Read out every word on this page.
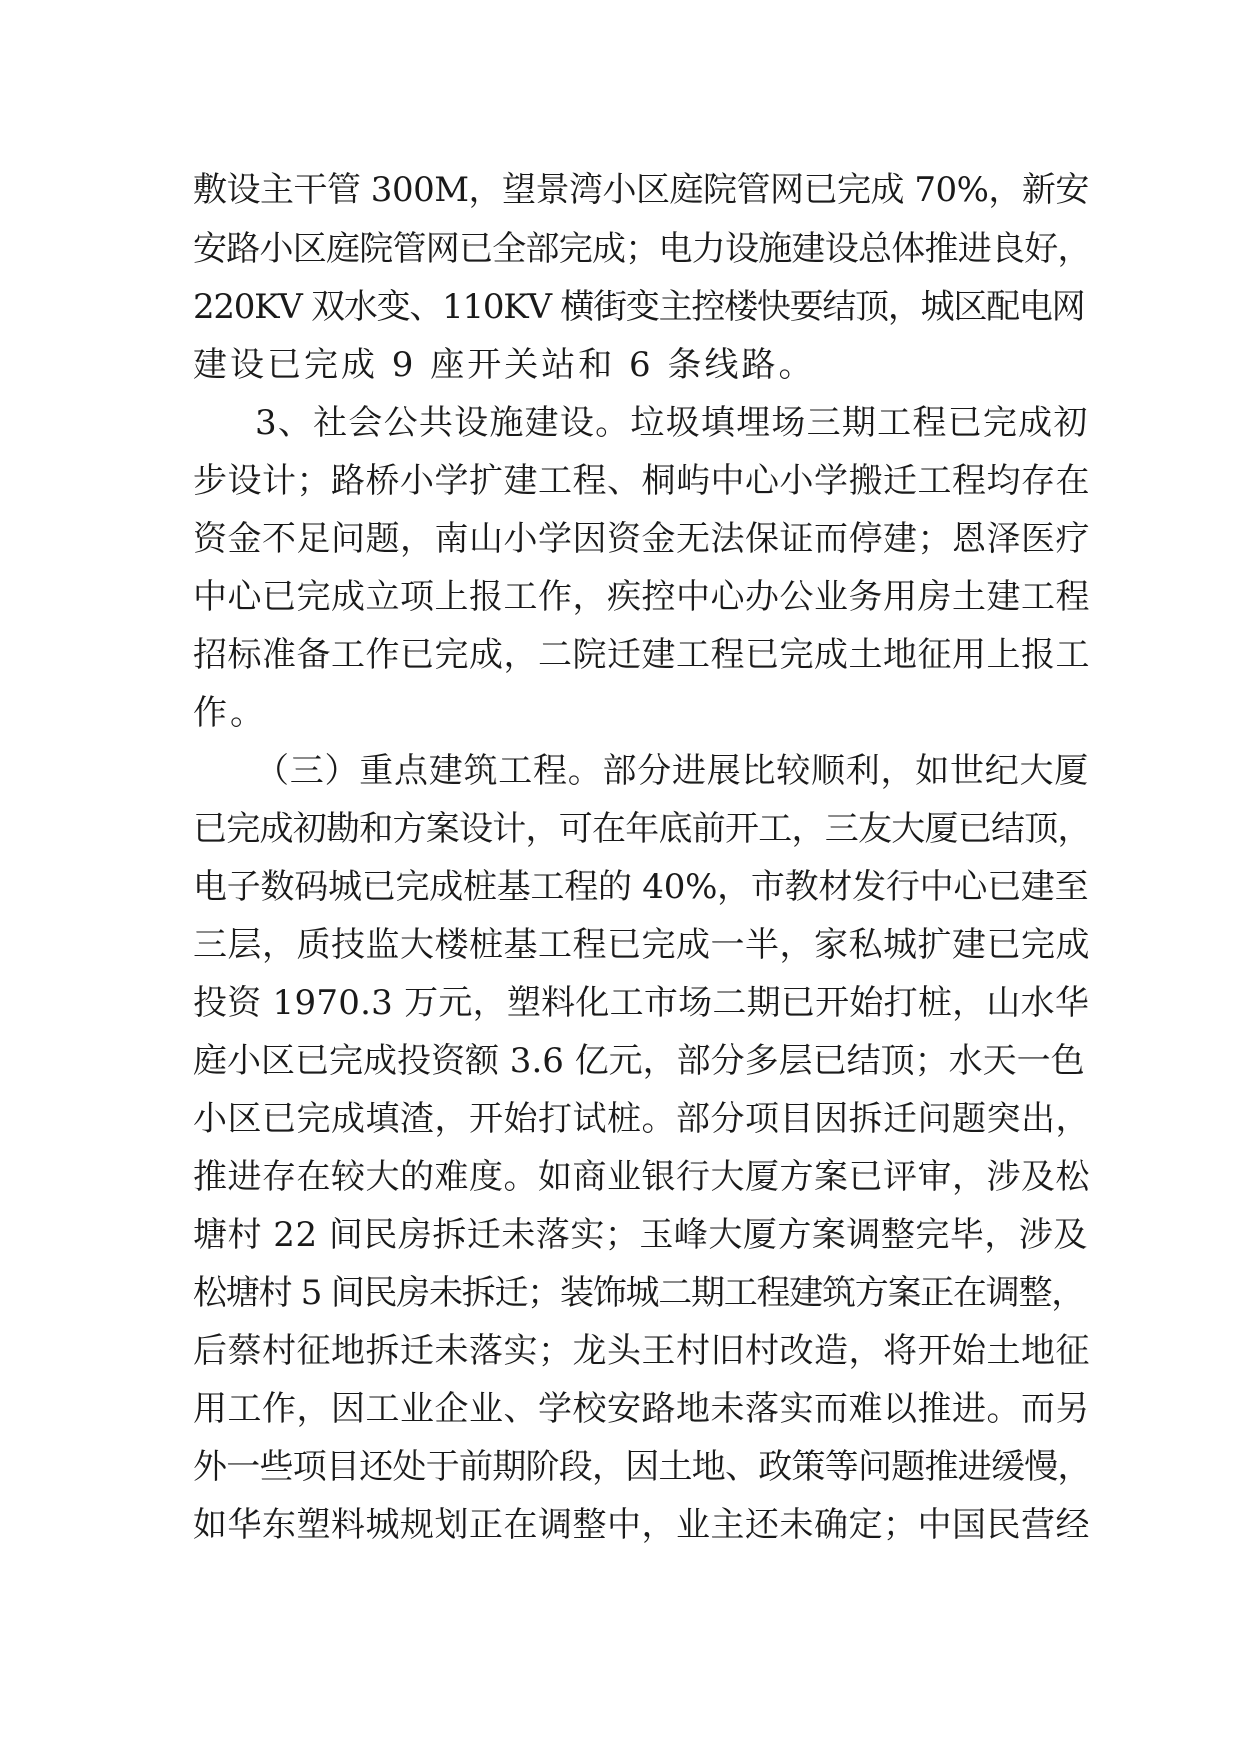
敷设主干管 300M，望景湾小区庭院管网已完成 70%，新安

安路小区庭院管网已全部完成；电力设施建设总体推进良好，

220KV 双水变、110KV 横街变主控楼快要结顶，城区配电网

建设已完成 9 座开关站和 6 条线路。

3、社会公共设施建设。垃圾填埋场三期工程已完成初

步设计；路桥小学扩建工程、桐屿中心小学搬迁工程均存在

资金不足问题，南山小学因资金无法保证而停建；恩泽医疗

中心已完成立项上报工作，疾控中心办公业务用房土建工程

招标准备工作已完成，二院迁建工程已完成土地征用上报工

作。

（三）重点建筑工程。部分进展比较顺利，如世纪大厦

已完成初勘和方案设计，可在年底前开工，三友大厦已结顶，

电子数码城已完成桩基工程的 40%，市教材发行中心已建至

三层，质技监大楼桩基工程已完成一半，家私城扩建已完成

投资 1970.3 万元，塑料化工市场二期已开始打桩，山水华

庭小区已完成投资额 3.6 亿元，部分多层已结顶；水天一色

小区已完成填渣，开始打试桩。部分项目因拆迁问题突出，

推进存在较大的难度。如商业银行大厦方案已评审，涉及松

塘村 22 间民房拆迁未落实；玉峰大厦方案调整完毕，涉及

松塘村 5 间民房未拆迁；装饰城二期工程建筑方案正在调整，

后蔡村征地拆迁未落实；龙头王村旧村改造，将开始土地征

用工作，因工业企业、学校安路地未落实而难以推进。而另

外一些项目还处于前期阶段，因土地、政策等问题推进缓慢，

如华东塑料城规划正在调整中，业主还未确定；中国民营经
